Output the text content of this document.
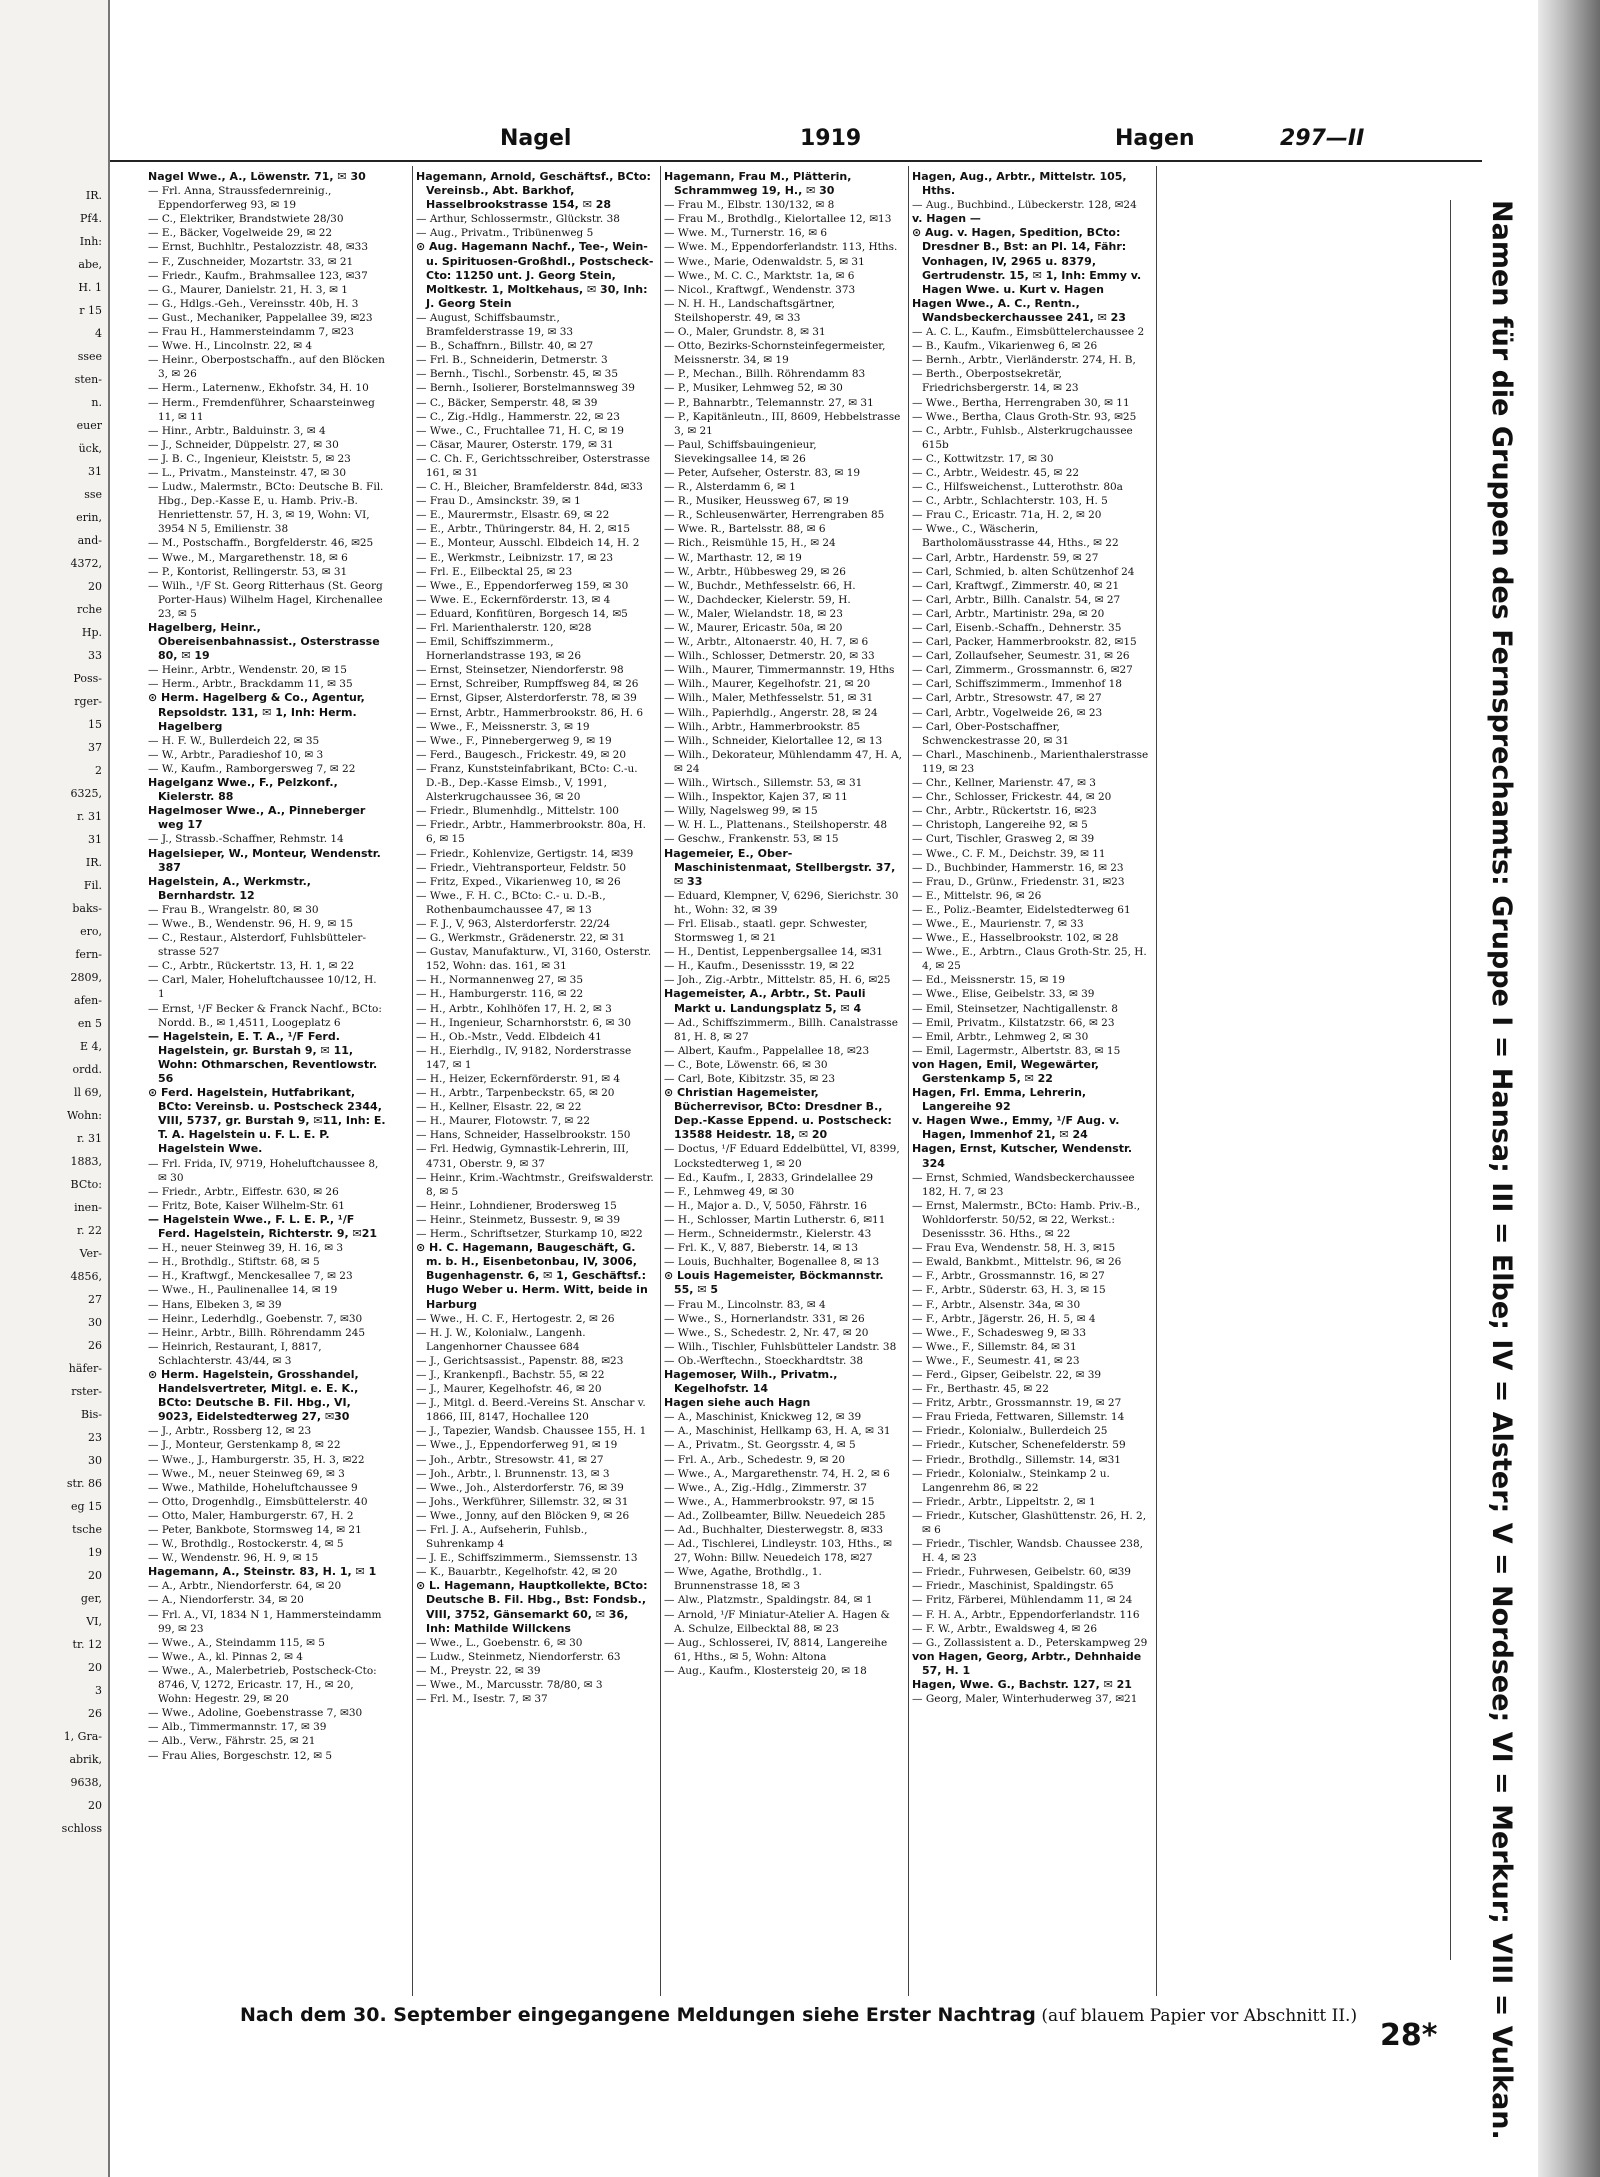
IR.
Pf4.
Inh:
abe,
H. 1
r 15
4
ssee
sten-
n.
euer
ück,
31
sse
erin,
and-
4372,
20
rche
Hp.
33
Poss-
rger-
15
37
2
6325,
r. 31
31
IR.
Fil.
baks-
ero,
fern-
2809,
afen-
en 5
E 4,
ordd.
ll 69,
Wohn:
r. 31
1883,
BCto:
inen-
r. 22
Ver-
4856,
27
30
26
häfer-
rster-
Bis-
23
30
str. 86
eg 15
tsche
19
20
ger,
VI,
tr. 12
20
3
26
1, Gra-
abrik,
9638,
20
schloss
Nagel	1919	Hagen	297—II

Nagel Wwe., A., Löwenstr. 71, ✉ 30

— Frl. Anna, Straussfedernreinig., Eppendorferweg 93, ✉ 19

— C., Elektriker, Brandstwiete 28/30

— E., Bäcker, Vogelweide 29, ✉ 22

— Ernst, Buchhltr., Pestalozzistr. 48, ✉33

— F., Zuschneider, Mozartstr. 33, ✉ 21

— Friedr., Kaufm., Brahmsallee 123, ✉37

— G., Maurer, Danielstr. 21, H. 3, ✉ 1

— G., Hdlgs.-Geh., Vereinsstr. 40b, H. 3

— Gust., Mechaniker, Pappelallee 39, ✉23

— Frau H., Hammersteindamm 7, ✉23

— Wwe. H., Lincolnstr. 22, ✉ 4

— Heinr., Oberpostschaffn., auf den Blöcken 3, ✉ 26

— Herm., Laternenw., Ekhofstr. 34, H. 10

— Herm., Fremdenführer, Schaarsteinweg 11, ✉ 11

— Hinr., Arbtr., Balduinstr. 3, ✉ 4

— J., Schneider, Düppelstr. 27, ✉ 30

— J. B. C., Ingenieur, Kleiststr. 5, ✉ 23

— L., Privatm., Mansteinstr. 47, ✉ 30

— Ludw., Malermstr., BCto: Deutsche B. Fil. Hbg., Dep.-Kasse E, u. Hamb. Priv.-B. Henriettenstr. 57, H. 3, ✉ 19, Wohn: VI, 3954 N 5, Emilienstr. 38

— M., Postschaffn., Borgfelderstr. 46, ✉25

— Wwe., M., Margarethenstr. 18, ✉ 6

— P., Kontorist, Rellingerstr. 53, ✉ 31

— Wilh., ¹/F St. Georg Ritterhaus (St. Georg Porter-Haus) Wilhelm Hagel, Kirchenallee 23, ✉ 5

Hagelberg, Heinr., Obereisenbahnassist., Osterstrasse 80, ✉ 19

— Heinr., Arbtr., Wendenstr. 20, ✉ 15

— Herm., Arbtr., Brackdamm 11, ✉ 35

⊙ Herm. Hagelberg & Co., Agentur, Repsoldstr. 131, ✉ 1, Inh: Herm. Hagelberg

— H. F. W., Bullerdeich 22, ✉ 35

— W., Arbtr., Paradieshof 10, ✉ 3

— W., Kaufm., Ramborgersweg 7, ✉ 22

Hagelganz Wwe., F., Pelzkonf., Kielerstr. 88

Hagelmoser Wwe., A., Pinneberger weg 17

— J., Strassb.-Schaffner, Rehmstr. 14

Hagelsieper, W., Monteur, Wendenstr. 387

Hagelstein, A., Werkmstr., Bernhardstr. 12

— Frau B., Wrangelstr. 80, ✉ 30

— Wwe., B., Wendenstr. 96, H. 9, ✉ 15

— C., Restaur., Alsterdorf, Fuhlsbütteler-strasse 527

— C., Arbtr., Rückertstr. 13, H. 1, ✉ 22

— Carl, Maler, Hoheluftchaussee 10/12, H. 1

— Ernst, ¹/F Becker & Franck Nachf., BCto: Nordd. B., ✉ 1,4511, Loogeplatz 6

— Hagelstein, E. T. A., ¹/F Ferd. Hagelstein, gr. Burstah 9, ✉ 11, Wohn: Othmarschen, Reventlowstr. 56

⊙ Ferd. Hagelstein, Hutfabrikant, BCto: Vereinsb. u. Postscheck 2344, VIII, 5737, gr. Burstah 9, ✉11, Inh: E. T. A. Hagelstein u. F. L. E. P. Hagelstein Wwe.

— Frl. Frida, IV, 9719, Hoheluftchaussee 8, ✉ 30

— Friedr., Arbtr., Eiffestr. 630, ✉ 26

— Fritz, Bote, Kaiser Wilhelm-Str. 61

— Hagelstein Wwe., F. L. E. P., ¹/F Ferd. Hagelstein, Richterstr. 9, ✉21

— H., neuer Steinweg 39, H. 16, ✉ 3

— H., Brothdlg., Stiftstr. 68, ✉ 5

— H., Kraftwgf., Menckesallee 7, ✉ 23

— Wwe., H., Paulinenallee 14, ✉ 19

— Hans, Elbeken 3, ✉ 39

— Heinr., Lederhdlg., Goebenstr. 7, ✉30

— Heinr., Arbtr., Billh. Röhrendamm 245

— Heinrich, Restaurant, I, 8817, Schlachterstr. 43/44, ✉ 3

⊙ Herm. Hagelstein, Grosshandel, Handelsvertreter, Mitgl. e. E. K., BCto: Deutsche B. Fil. Hbg., VI, 9023, Eidelstedterweg 27, ✉30

— J., Arbtr., Rossberg 12, ✉ 23

— J., Monteur, Gerstenkamp 8, ✉ 22

— Wwe., J., Hamburgerstr. 35, H. 3, ✉22

— Wwe., M., neuer Steinweg 69, ✉ 3

— Wwe., Mathilde, Hoheluftchaussee 9

— Otto, Drogenhdlg., Eimsbüttelerstr. 40

— Otto, Maler, Hamburgerstr. 67, H. 2

— Peter, Bankbote, Stormsweg 14, ✉ 21

— W., Brothdlg., Rostockerstr. 4, ✉ 5

— W., Wendenstr. 96, H. 9, ✉ 15

Hagemann, A., Steinstr. 83, H. 1, ✉ 1

— A., Arbtr., Niendorferstr. 64, ✉ 20

— A., Niendorferstr. 34, ✉ 20

— Frl. A., VI, 1834 N 1, Hammersteindamm 99, ✉ 23

— Wwe., A., Steindamm 115, ✉ 5

— Wwe., A., kl. Pinnas 2, ✉ 4

— Wwe., A., Malerbetrieb, Postscheck-Cto: 8746, V, 1272, Ericastr. 17, H., ✉ 20, Wohn: Hegestr. 29, ✉ 20

— Wwe., Adoline, Goebenstrasse 7, ✉30

— Alb., Timmermannstr. 17, ✉ 39

— Alb., Verw., Fährstr. 25, ✉ 21

— Frau Alies, Borgeschstr. 12, ✉ 5

Hagemann, Arnold, Geschäftsf., BCto: Vereinsb., Abt. Barkhof, Hasselbrookstrasse 154, ✉ 28

— Arthur, Schlossermstr., Glückstr. 38

— Aug., Privatm., Tribünenweg 5

⊙ Aug. Hagemann Nachf., Tee-, Wein- u. Spirituosen-Großhdl., Postscheck-Cto: 11250 unt. J. Georg Stein, Moltkestr. 1, Moltkehaus, ✉ 30, Inh: J. Georg Stein

— August, Schiffsbaumstr., Bramfelderstrasse 19, ✉ 33

— B., Schaffnrn., Billstr. 40, ✉ 27

— Frl. B., Schneiderin, Detmerstr. 3

— Bernh., Tischl., Sorbenstr. 45, ✉ 35

— Bernh., Isolierer, Borstelmannsweg 39

— C., Bäcker, Semperstr. 48, ✉ 39

— C., Zig.-Hdlg., Hammerstr. 22, ✉ 23

— Wwe., C., Fruchtallee 71, H. C, ✉ 19

— Cäsar, Maurer, Osterstr. 179, ✉ 31

— C. Ch. F., Gerichtsschreiber, Osterstrasse 161, ✉ 31

— C. H., Bleicher, Bramfelderstr. 84d, ✉33

— Frau D., Amsinckstr. 39, ✉ 1

— E., Maurermstr., Elsastr. 69, ✉ 22

— E., Arbtr., Thüringerstr. 84, H. 2, ✉15

— E., Monteur, Ausschl. Elbdeich 14, H. 2

— E., Werkmstr., Leibnizstr. 17, ✉ 23

— Frl. E., Eilbecktal 25, ✉ 23

— Wwe., E., Eppendorferweg 159, ✉ 30

— Wwe. E., Eckernförderstr. 13, ✉ 4

— Eduard, Konfitüren, Borgesch 14, ✉5

— Frl. Marienthalerstr. 120, ✉28

— Emil, Schiffszimmerm., Hornerlandstrasse 193, ✉ 26

— Ernst, Steinsetzer, Niendorferstr. 98

— Ernst, Schreiber, Rumpffsweg 84, ✉ 26

— Ernst, Gipser, Alsterdorferstr. 78, ✉ 39

— Ernst, Arbtr., Hammerbrookstr. 86, H. 6

— Wwe., F., Meissnerstr. 3, ✉ 19

— Wwe., F., Pinnebergerweg 9, ✉ 19

— Ferd., Baugesch., Frickestr. 49, ✉ 20

— Franz, Kunststeinfabrikant, BCto: C.-u. D.-B., Dep.-Kasse Eimsb., V, 1991, Alsterkrugchaussee 36, ✉ 20

— Friedr., Blumenhdlg., Mittelstr. 100

— Friedr., Arbtr., Hammerbrookstr. 80a, H. 6, ✉ 15

— Friedr., Kohlenvize, Gertigstr. 14, ✉39

— Friedr., Viehtransporteur, Feldstr. 50

— Fritz, Exped., Vikarienweg 10, ✉ 26

— Wwe., F. H. C., BCto: C.- u. D.-B., Rothenbaumchaussee 47, ✉ 13

— F. J., V, 963, Alsterdorferstr. 22/24

— G., Werkmstr., Grädenerstr. 22, ✉ 31

— Gustav, Manufakturw., VI, 3160, Osterstr. 152, Wohn: das. 161, ✉ 31

— H., Normannenweg 27, ✉ 35

— H., Hamburgerstr. 116, ✉ 22

— H., Arbtr., Kohlhöfen 17, H. 2, ✉ 3

— H., Ingenieur, Scharnhorststr. 6, ✉ 30

— H., Ob.-Mstr., Vedd. Elbdeich 41

— H., Eierhdlg., IV, 9182, Norderstrasse 147, ✉ 1

— H., Heizer, Eckernförderstr. 91, ✉ 4

— H., Arbtr., Tarpenbeckstr. 65, ✉ 20

— H., Kellner, Elsastr. 22, ✉ 22

— H., Maurer, Flotowstr. 7, ✉ 22

— Hans, Schneider, Hasselbrookstr. 150

— Frl. Hedwig, Gymnastik-Lehrerin, III, 4731, Oberstr. 9, ✉ 37

— Heinr., Krim.-Wachtmstr., Greifswalderstr. 8, ✉ 5

— Heinr., Lohndiener, Brodersweg 15

— Heinr., Steinmetz, Bussestr. 9, ✉ 39

— Herm., Schriftsetzer, Sturkamp 10, ✉22

⊙ H. C. Hagemann, Baugeschäft, G. m. b. H., Eisenbetonbau, IV, 3006, Bugenhagenstr. 6, ✉ 1, Geschäftsf.: Hugo Weber u. Herm. Witt, beide in Harburg

— Wwe., H. C. F., Hertogestr. 2, ✉ 26

— H. J. W., Kolonialw., Langenh. Langenhorner Chaussee 684

— J., Gerichtsassist., Papenstr. 88, ✉23

— J., Krankenpfl., Bachstr. 55, ✉ 22

— J., Maurer, Kegelhofstr. 46, ✉ 20

— J., Mitgl. d. Beerd.-Vereins St. Anschar v. 1866, III, 8147, Hochallee 120

— J., Tapezier, Wandsb. Chaussee 155, H. 1

— Wwe., J., Eppendorferweg 91, ✉ 19

— Joh., Arbtr., Stresowstr. 41, ✉ 27

— Joh., Arbtr., l. Brunnenstr. 13, ✉ 3

— Wwe., Joh., Alsterdorferstr. 76, ✉ 39

— Johs., Werkführer, Sillemstr. 32, ✉ 31

— Wwe., Jonny, auf den Blöcken 9, ✉ 26

— Frl. J. A., Aufseherin, Fuhlsb., Suhrenkamp 4

— J. E., Schiffszimmerm., Siemssenstr. 13

— K., Bauarbtr., Kegelhofstr. 42, ✉ 20

⊙ L. Hagemann, Hauptkollekte, BCto: Deutsche B. Fil. Hbg., Bst: Fondsb., VIII, 3752, Gänsemarkt 60, ✉ 36, Inh: Mathilde Willckens

— Wwe., L., Goebenstr. 6, ✉ 30

— Ludw., Steinmetz, Niendorferstr. 63

— M., Preystr. 22, ✉ 39

— Wwe., M., Marcusstr. 78/80, ✉ 3

— Frl. M., Isestr. 7, ✉ 37

Hagemann, Frau M., Plätterin, Schrammweg 19, H., ✉ 30

— Frau M., Elbstr. 130/132, ✉ 8

— Frau M., Brothdlg., Kielortallee 12, ✉13

— Wwe. M., Turnerstr. 16, ✉ 6

— Wwe. M., Eppendorferlandstr. 113, Hths.

— Wwe., Marie, Odenwaldstr. 5, ✉ 31

— Wwe., M. C. C., Marktstr. 1a, ✉ 6

— Nicol., Kraftwgf., Wendenstr. 373

— N. H. H., Landschaftsgärtner, Steilshoperstr. 49, ✉ 33

— O., Maler, Grundstr. 8, ✉ 31

— Otto, Bezirks-Schornsteinfegermeister, Meissnerstr. 34, ✉ 19

— P., Mechan., Billh. Röhrendamm 83

— P., Musiker, Lehmweg 52, ✉ 30

— P., Bahnarbtr., Telemannstr. 27, ✉ 31

— P., Kapitänleutn., III, 8609, Hebbelstrasse 3, ✉ 21

— Paul, Schiffsbauingenieur, Sievekingsallee 14, ✉ 26

— Peter, Aufseher, Osterstr. 83, ✉ 19

— R., Alsterdamm 6, ✉ 1

— R., Musiker, Heussweg 67, ✉ 19

— R., Schleusenwärter, Herrengraben 85

— Wwe. R., Bartelsstr. 88, ✉ 6

— Rich., Reismühle 15, H., ✉ 24

— W., Marthastr. 12, ✉ 19

— W., Arbtr., Hübbesweg 29, ✉ 26

— W., Buchdr., Methfesselstr. 66, H.

— W., Dachdecker, Kielerstr. 59, H.

— W., Maler, Wielandstr. 18, ✉ 23

— W., Maurer, Ericastr. 50a, ✉ 20

— W., Arbtr., Altonaerstr. 40, H. 7, ✉ 6

— Wilh., Schlosser, Detmerstr. 20, ✉ 33

— Wilh., Maurer, Timmermannstr. 19, Hths

— Wilh., Maurer, Kegelhofstr. 21, ✉ 20

— Wilh., Maler, Methfesselstr. 51, ✉ 31

— Wilh., Papierhdlg., Angerstr. 28, ✉ 24

— Wilh., Arbtr., Hammerbrookstr. 85

— Wilh., Schneider, Kielortallee 12, ✉ 13

— Wilh., Dekorateur, Mühlendamm 47, H. A, ✉ 24

— Wilh., Wirtsch., Sillemstr. 53, ✉ 31

— Wilh., Inspektor, Kajen 37, ✉ 11

— Willy, Nagelsweg 99, ✉ 15

— W. H. L., Plattenans., Steilshoperstr. 48

— Geschw., Frankenstr. 53, ✉ 15

Hagemeier, E., Ober-Maschinistenmaat, Stellbergstr. 37, ✉ 33

— Eduard, Klempner, V, 6296, Sierichstr. 30 ht., Wohn: 32, ✉ 39

— Frl. Elisab., staatl. gepr. Schwester, Stormsweg 1, ✉ 21

— H., Dentist, Leppenbergsallee 14, ✉31

— H., Kaufm., Desenissstr. 19, ✉ 22

— Joh., Zig.-Arbtr., Mittelstr. 85, H. 6, ✉25

Hagemeister, A., Arbtr., St. Pauli Markt u. Landungsplatz 5, ✉ 4

— Ad., Schiffszimmerm., Billh. Canalstrasse 81, H. 8, ✉ 27

— Albert, Kaufm., Pappelallee 18, ✉23

— C., Bote, Löwenstr. 66, ✉ 30

— Carl, Bote, Kibitzstr. 35, ✉ 23

⊙ Christian Hagemeister, Bücherrevisor, BCto: Dresdner B., Dep.-Kasse Eppend. u. Postscheck: 13588 Heidestr. 18, ✉ 20

— Doctus, ¹/F Eduard Eddelbüttel, VI, 8399, Lockstedterweg 1, ✉ 20

— Ed., Kaufm., I, 2833, Grindelallee 29

— F., Lehmweg 49, ✉ 30

— H., Major a. D., V, 5050, Fährstr. 16

— H., Schlosser, Martin Lutherstr. 6, ✉11

— Herm., Schneidermstr., Kielerstr. 43

— Frl. K., V, 887, Bieberstr. 14, ✉ 13

— Louis, Buchhalter, Bogenallee 8, ✉ 13

⊙ Louis Hagemeister, Böckmannstr. 55, ✉ 5

— Frau M., Lincolnstr. 83, ✉ 4

— Wwe., S., Hornerlandstr. 331, ✉ 26

— Wwe., S., Schedestr. 2, Nr. 47, ✉ 20

— Wilh., Tischler, Fuhlsbütteler Landstr. 38

— Ob.-Werftechn., Stoeckhardtstr. 38

Hagemoser, Wilh., Privatm., Kegelhofstr. 14

Hagen siehe auch Hagn

— A., Maschinist, Knickweg 12, ✉ 39

— A., Maschinist, Hellkamp 63, H. A, ✉ 31

— A., Privatm., St. Georgsstr. 4, ✉ 5

— Frl. A., Arb., Schedestr. 9, ✉ 20

— Wwe., A., Margarethenstr. 74, H. 2, ✉ 6

— Wwe., A., Zig.-Hdlg., Zimmerstr. 37

— Wwe., A., Hammerbrookstr. 97, ✉ 15

— Ad., Zollbeamter, Billw. Neuedeich 285

— Ad., Buchhalter, Diesterwegstr. 8, ✉33

— Ad., Tischlerei, Lindleystr. 103, Hths., ✉27, Wohn: Billw. Neuedeich 178, ✉27

— Wwe, Agathe, Brothdlg., 1. Brunnenstrasse 18, ✉ 3

— Alw., Platzmstr., Spaldingstr. 84, ✉ 1

— Arnold, ¹/F Miniatur-Atelier A. Hagen & A. Schulze, Eilbecktal 88, ✉ 23

— Aug., Schlosserei, IV, 8814, Langereihe 61, Hths., ✉ 5, Wohn: Altona

— Aug., Kaufm., Klostersteig 20, ✉ 18

Hagen, Aug., Arbtr., Mittelstr. 105, Hths.

— Aug., Buchbind., Lübeckerstr. 128, ✉24

v. Hagen —

⊙ Aug. v. Hagen, Spedition, BCto: Dresdner B., Bst: an Pl. 14, Fähr: Vonhagen, IV, 2965 u. 8379, Gertrudenstr. 15, ✉ 1, Inh: Emmy v. Hagen Wwe. u. Kurt v. Hagen

Hagen Wwe., A. C., Rentn., Wandsbeckerchaussee 241, ✉ 23

— A. C. L., Kaufm., Eimsbüttelerchaussee 2

— B., Kaufm., Vikarienweg 6, ✉ 26

— Bernh., Arbtr., Vierländerstr. 274, H. B,

— Berth., Oberpostsekretär, Friedrichsbergerstr. 14, ✉ 23

— Wwe., Bertha, Herrengraben 30, ✉ 11

— Wwe., Bertha, Claus Groth-Str. 93, ✉25

— C., Arbtr., Fuhlsb., Alsterkrugchaussee 615b

— C., Kottwitzstr. 17, ✉ 30

— C., Arbtr., Weidestr. 45, ✉ 22

— C., Hilfsweichenst., Lutterothstr. 80a

— C., Arbtr., Schlachterstr. 103, H. 5

— Frau C., Ericastr. 71a, H. 2, ✉ 20

— Wwe., C., Wäscherin, Bartholomäusstrasse 44, Hths., ✉ 22

— Carl, Arbtr., Hardenstr. 59, ✉ 27

— Carl, Schmied, b. alten Schützenhof 24

— Carl, Kraftwgf., Zimmerstr. 40, ✉ 21

— Carl, Arbtr., Billh. Canalstr. 54, ✉ 27

— Carl, Arbtr., Martinistr. 29a, ✉ 20

— Carl, Eisenb.-Schaffn., Dehnerstr. 35

— Carl, Packer, Hammerbrookstr. 82, ✉15

— Carl, Zollaufseher, Seumestr. 31, ✉ 26

— Carl, Zimmerm., Grossmannstr. 6, ✉27

— Carl, Schiffszimmerm., Immenhof 18

— Carl, Arbtr., Stresowstr. 47, ✉ 27

— Carl, Arbtr., Vogelweide 26, ✉ 23

— Carl, Ober-Postschaffner, Schwenckestrasse 20, ✉ 31

— Charl., Maschinenb., Marienthalerstrasse 119, ✉ 23

— Chr., Kellner, Marienstr. 47, ✉ 3

— Chr., Schlosser, Frickestr. 44, ✉ 20

— Chr., Arbtr., Rückertstr. 16, ✉23

— Christoph, Langereihe 92, ✉ 5

— Curt, Tischler, Grasweg 2, ✉ 39

— Wwe., C. F. M., Deichstr. 39, ✉ 11

— D., Buchbinder, Hammerstr. 16, ✉ 23

— Frau, D., Grünw., Friedenstr. 31, ✉23

— E., Mittelstr. 96, ✉ 26

— E., Poliz.-Beamter, Eidelstedterweg 61

— Wwe., E., Maurienstr. 7, ✉ 33

— Wwe., E., Hasselbrookstr. 102, ✉ 28

— Wwe., E., Arbtrn., Claus Groth-Str. 25, H. 4, ✉ 25

— Ed., Meissnerstr. 15, ✉ 19

— Wwe., Elise, Geibelstr. 33, ✉ 39

— Emil, Steinsetzer, Nachtigallenstr. 8

— Emil, Privatm., Kilstatzstr. 66, ✉ 23

— Emil, Arbtr., Lehmweg 2, ✉ 30

— Emil, Lagermstr., Albertstr. 83, ✉ 15

von Hagen, Emil, Wegewärter, Gerstenkamp 5, ✉ 22

Hagen, Frl. Emma, Lehrerin, Langereihe 92

v. Hagen Wwe., Emmy, ¹/F Aug. v. Hagen, Immenhof 21, ✉ 24

Hagen, Ernst, Kutscher, Wendenstr. 324

— Ernst, Schmied, Wandsbeckerchaussee 182, H. 7, ✉ 23

— Ernst, Malermstr., BCto: Hamb. Priv.-B., Wohldorferstr. 50/52, ✉ 22, Werkst.: Desenissstr. 36. Hths., ✉ 22

— Frau Eva, Wendenstr. 58, H. 3, ✉15

— Ewald, Bankbmt., Mittelstr. 96, ✉ 26

— F., Arbtr., Grossmannstr. 16, ✉ 27

— F., Arbtr., Süderstr. 63, H. 3, ✉ 15

— F., Arbtr., Alsenstr. 34a, ✉ 30

— F., Arbtr., Jägerstr. 26, H. 5, ✉ 4

— Wwe., F., Schadesweg 9, ✉ 33

— Wwe., F., Sillemstr. 84, ✉ 31

— Wwe., F., Seumestr. 41, ✉ 23

— Ferd., Gipser, Geibelstr. 22, ✉ 39

— Fr., Berthastr. 45, ✉ 22

— Fritz, Arbtr., Grossmannstr. 19, ✉ 27

— Frau Frieda, Fettwaren, Sillemstr. 14

— Friedr., Kolonialw., Bullerdeich 25

— Friedr., Kutscher, Schenefelderstr. 59

— Friedr., Brothdlg., Sillemstr. 14, ✉31

— Friedr., Kolonialw., Steinkamp 2 u. Langenrehm 86, ✉ 22

— Friedr., Arbtr., Lippeltstr. 2, ✉ 1

— Friedr., Kutscher, Glashüttenstr. 26, H. 2, ✉ 6

— Friedr., Tischler, Wandsb. Chaussee 238, H. 4, ✉ 23

— Friedr., Fuhrwesen, Geibelstr. 60, ✉39

— Friedr., Maschinist, Spaldingstr. 65

— Fritz, Färberei, Mühlendamm 11, ✉ 24

— F. H. A., Arbtr., Eppendorferlandstr. 116

— F. W., Arbtr., Ewaldsweg 4, ✉ 26

— G., Zollassistent a. D., Peterskampweg 29

von Hagen, Georg, Arbtr., Dehnhaide 57, H. 1

Hagen, Wwe. G., Bachstr. 127, ✉ 21

— Georg, Maler, Winterhuderweg 37, ✉21	Namen für die Gruppen des Fernsprechamts: Gruppe I = Hansa; III = Elbe; IV = Alster; V = Nordsee; VI = Merkur; VIII = Vulkan.
Nach dem 30. September eingegangene Meldungen siehe Erster Nachtrag (auf blauem Papier vor Abschnitt II.)
28*
